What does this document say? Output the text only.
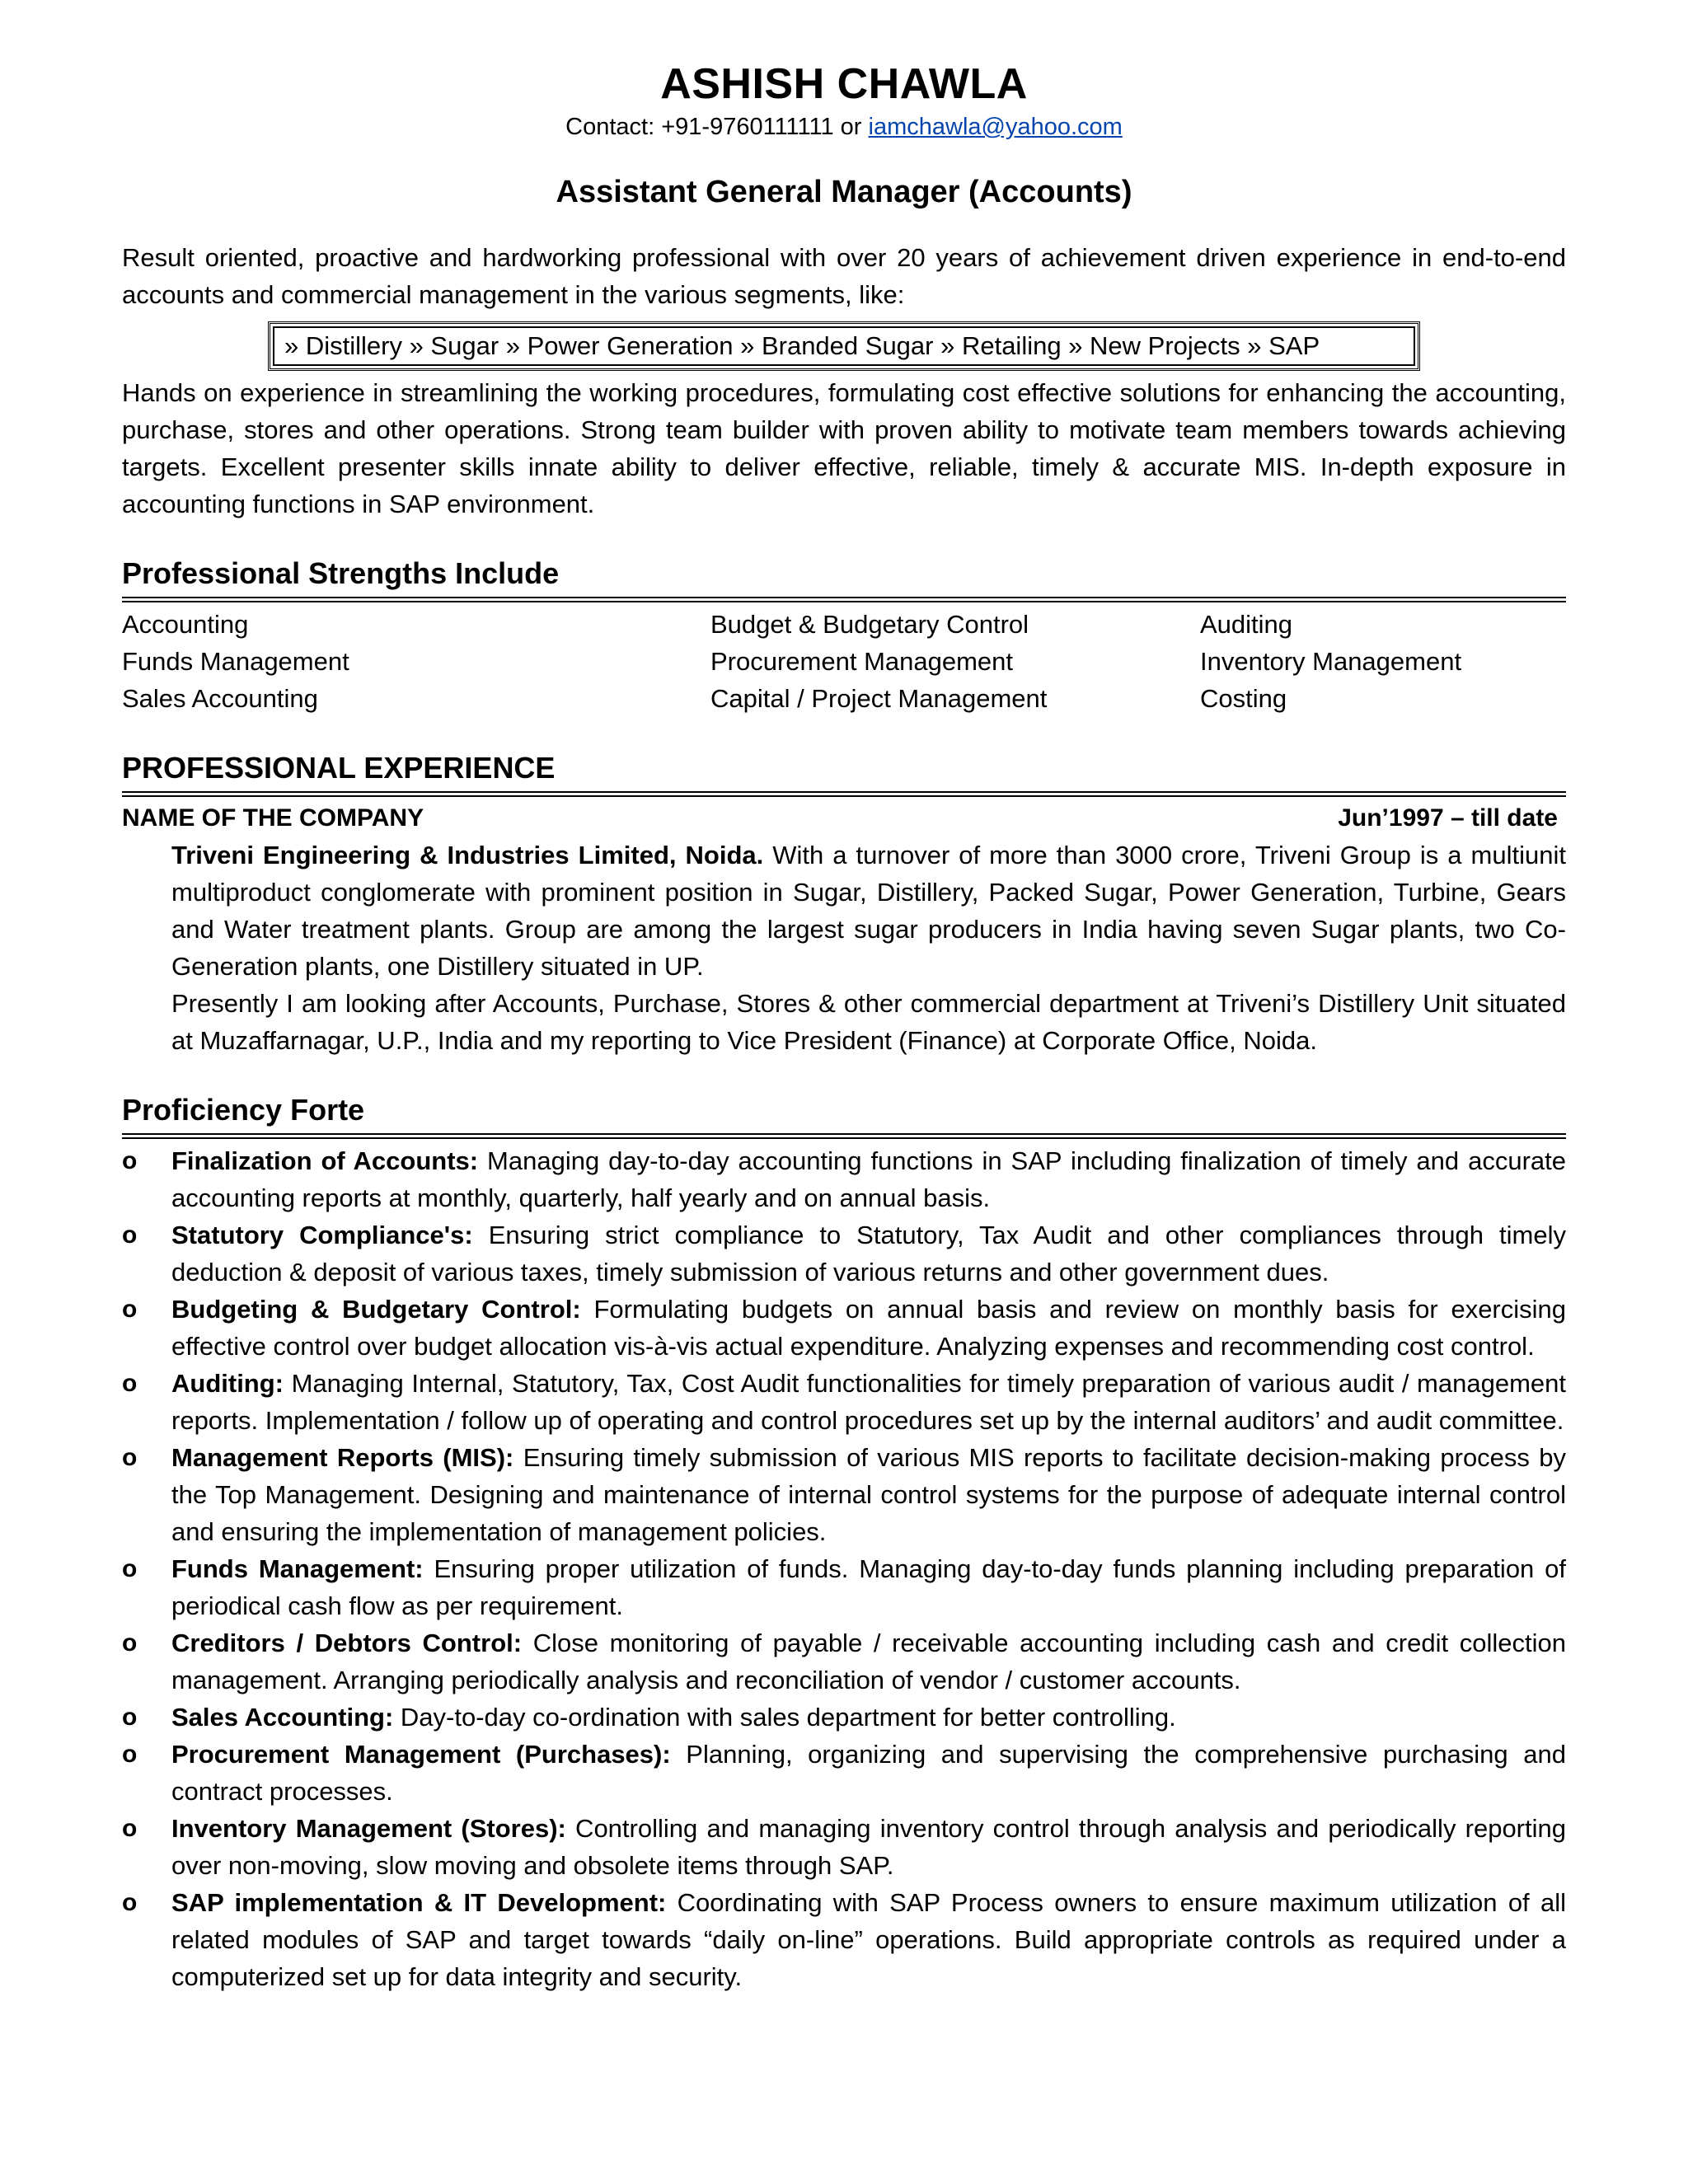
ASHISH CHAWLA
Contact: +91-9760111111 or iamchawla@yahoo.com
Assistant General Manager (Accounts)
Result oriented, proactive and hardworking professional with over 20 years of achievement driven experience in end-to-end accounts and commercial management in the various segments, like:
» Distillery » Sugar » Power Generation » Branded Sugar » Retailing » New Projects » SAP
Hands on experience in streamlining the working procedures, formulating cost effective solutions for enhancing the accounting, purchase, stores and other operations. Strong team builder with proven ability to motivate team members towards achieving targets. Excellent presenter skills innate ability to deliver effective, reliable, timely & accurate MIS. In-depth exposure in accounting functions in SAP environment.
Professional Strengths Include
Accounting	Budget & Budgetary Control	Auditing
Funds Management	Procurement Management	Inventory Management
Sales Accounting	Capital / Project Management	Costing
PROFESSIONAL EXPERIENCE
NAME OF THE COMPANY	Jun’1997 – till date
Triveni Engineering & Industries Limited, Noida. With a turnover of more than 3000 crore, Triveni Group is a multiunit multiproduct conglomerate with prominent position in Sugar, Distillery, Packed Sugar, Power Generation, Turbine, Gears and Water treatment plants. Group are among the largest sugar producers in India having seven Sugar plants, two Co-Generation plants, one Distillery situated in UP.
Presently I am looking after Accounts, Purchase, Stores & other commercial department at Triveni’s Distillery Unit situated at Muzaffarnagar, U.P., India and my reporting to Vice President (Finance) at Corporate Office, Noida.
Proficiency Forte
o	Finalization of Accounts: Managing day-to-day accounting functions in SAP including finalization of timely and accurate accounting reports at monthly, quarterly, half yearly and on annual basis.
o	Statutory Compliance's: Ensuring strict compliance to Statutory, Tax Audit and other compliances through timely deduction & deposit of various taxes, timely submission of various returns and other government dues.
o	Budgeting & Budgetary Control: Formulating budgets on annual basis and review on monthly basis for exercising effective control over budget allocation vis-à-vis actual expenditure. Analyzing expenses and recommending cost control.
o	Auditing: Managing Internal, Statutory, Tax, Cost Audit functionalities for timely preparation of various audit / management reports. Implementation / follow up of operating and control procedures set up by the internal auditors’ and audit committee.
o	Management Reports (MIS): Ensuring timely submission of various MIS reports to facilitate decision-making process by the Top Management. Designing and maintenance of internal control systems for the purpose of adequate internal control and ensuring the implementation of management policies.
o	Funds Management: Ensuring proper utilization of funds. Managing day-to-day funds planning including preparation of periodical cash flow as per requirement.
o	Creditors / Debtors Control: Close monitoring of payable / receivable accounting including cash and credit collection management. Arranging periodically analysis and reconciliation of vendor / customer accounts.
o	Sales Accounting: Day-to-day co-ordination with sales department for better controlling.
o	Procurement Management (Purchases): Planning, organizing and supervising the comprehensive purchasing and contract processes.
o	Inventory Management (Stores): Controlling and managing inventory control through analysis and periodically reporting over non-moving, slow moving and obsolete items through SAP.
o	SAP implementation & IT Development: Coordinating with SAP Process owners to ensure maximum utilization of all related modules of SAP and target towards “daily on-line” operations. Build appropriate controls as required under a computerized set up for data integrity and security.
